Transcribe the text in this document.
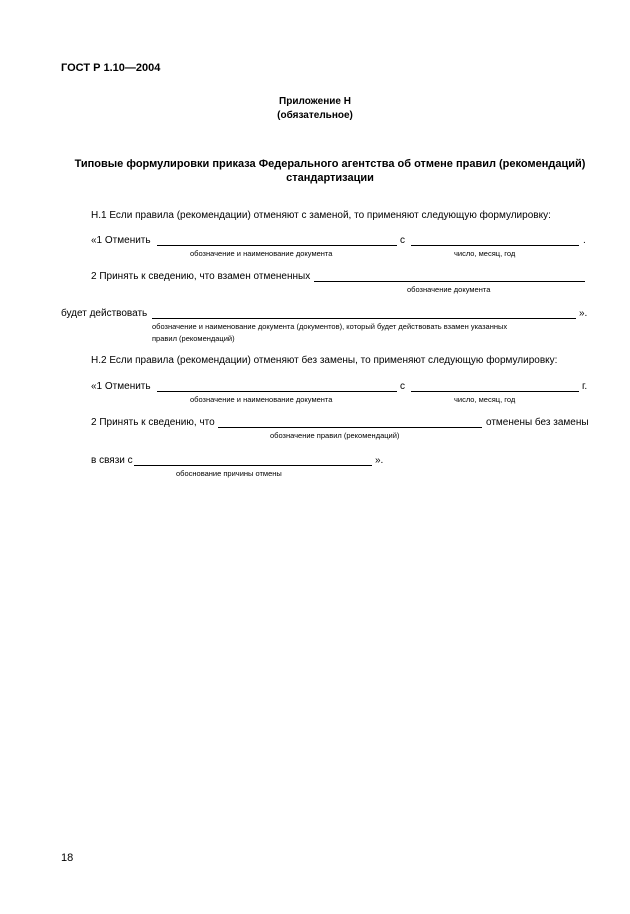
ГОСТ Р 1.10—2004
Приложение Н
(обязательное)
Типовые формулировки приказа Федерального агентства об отмене правил (рекомендаций) стандартизации
Н.1 Если правила (рекомендации) отменяют с заменой, то применяют следующую формулировку:
«1 Отменить	с	.
обозначение и наименование документа	число, месяц, год
2 Принять к сведению, что взамен отмененных
обозначение документа
будет действовать	».
обозначение и наименование документа (документов), который будет действовать взамен указанных
правил (рекомендаций)
Н.2 Если правила (рекомендации) отменяют без замены, то применяют следующую формулировку:
«1 Отменить	с	г.
обозначение и наименование документа	число, месяц, год
2 Принять к сведению, что	отменены без замены
обозначение правил (рекомендаций)
в связи с	».
обоснование причины отмены
18
